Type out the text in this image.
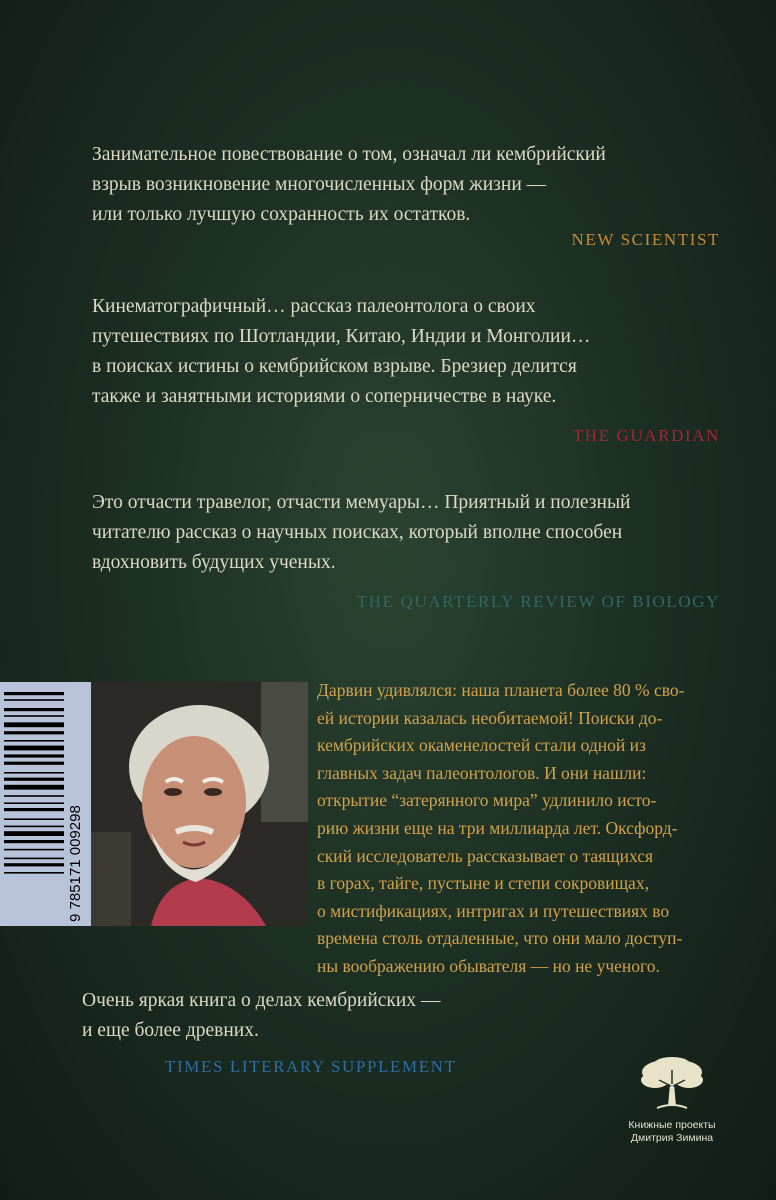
Занимательное повествование о том, означал ли кембрийский

взрыв возникновение многочисленных форм жизни —

или только лучшую сохранность их остатков.

NEW SCIENTIST

Кинематографичный… рассказ палеонтолога о своих

путешествиях по Шотландии, Китаю, Индии и Монголии…

в поисках истины о кембрийском взрыве. Брезиер делится

также и занятными историями о соперничестве в науке.

THE GUARDIAN

Это отчасти травелог, отчасти мемуары… Приятный и полезный

читателю рассказ о научных поисках, который вполне способен

вдохновить будущих ученых.

THE QUARTERLY REVIEW OF BIOLOGY
9 785171 009298

Дарвин удивлялся: наша планета более 80 % сво-

ей истории казалась необитаемой! Поиски до-

кембрийских окаменелостей стали одной из

главных задач палеонтологов. И они нашли:

открытие “затерянного мира” удлинило исто-

рию жизни еще на три миллиарда лет. Оксфорд-

ский исследователь рассказывает о таящихся

в горах, тайге, пустыне и степи сокровищах,

о мистификациях, интригах и путешествиях во

времена столь отдаленные, что они мало доступ-

ны воображению обывателя — но не ученого.

Очень яркая книга о делах кембрийских —

и еще более древних.

TIMES LITERARY SUPPLEMENT
Книжные проекты
Дмитрия Зимина
